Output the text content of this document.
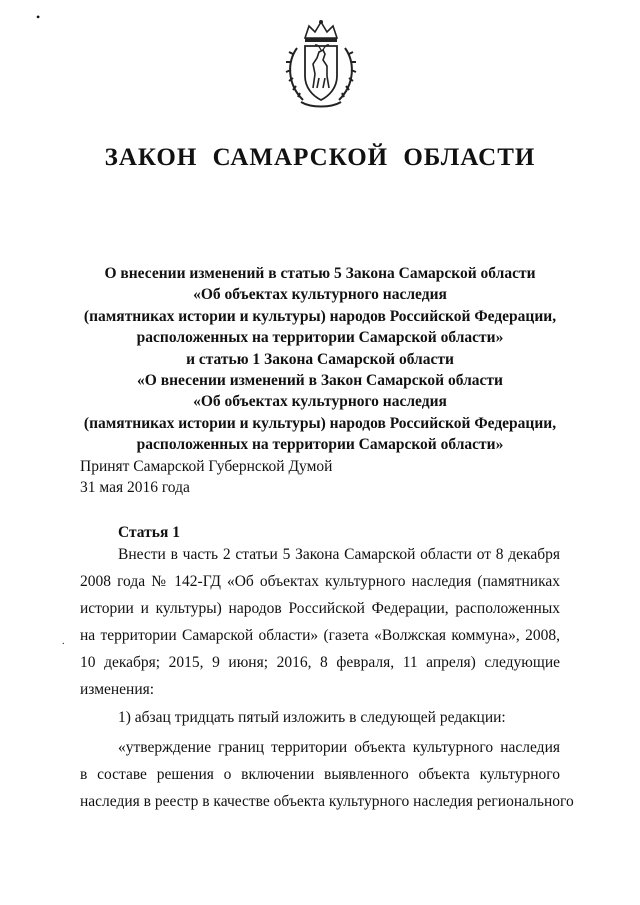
•
.
ЗАКОН САМАРСКОЙ ОБЛАСТИ
О внесении изменений в статью 5 Закона Самарской области
«Об объектах культурного наследия
(памятниках истории и культуры) народов Российской Федерации,
расположенных на территории Самарской области»
и статью 1 Закона Самарской области
«О внесении изменений в Закон Самарской области
«Об объектах культурного наследия
(памятниках истории и культуры) народов Российской Федерации,
расположенных на территории Самарской области»
Принят Самарской Губернской Думой
31 мая 2016 года
Статья 1
Внести в часть 2 статьи 5 Закона Самарской области от 8 декабря
2008 года № 142-ГД «Об объектах культурного наследия (памятниках
истории и культуры) народов Российской Федерации, расположенных
на территории Самарской области» (газета «Волжская коммуна», 2008,
10 декабря; 2015, 9 июня; 2016, 8 февраля, 11 апреля) следующие
изменения:
1) абзац тридцать пятый изложить в следующей редакции:
«утверждение границ территории объекта культурного наследия
в составе решения о включении выявленного объекта культурного
наследия в реестр в качестве объекта культурного наследия регионального
